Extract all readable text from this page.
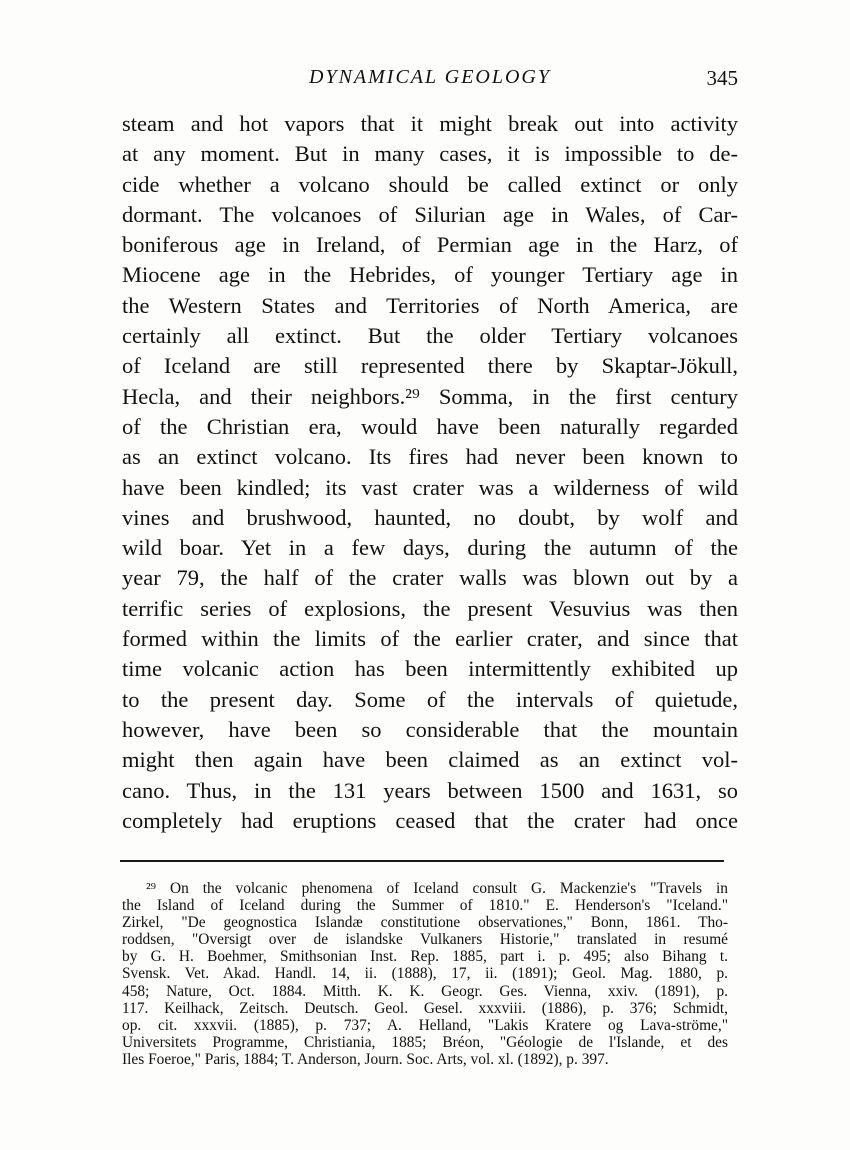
DYNAMICAL GEOLOGY	345
steam and hot vapors that it might break out into activity
at any moment. But in many cases, it is impossible to de-
cide whether a volcano should be called extinct or only
dormant. The volcanoes of Silurian age in Wales, of Car-
boniferous age in Ireland, of Permian age in the Harz, of
Miocene age in the Hebrides, of younger Tertiary age in
the Western States and Territories of North America, are
certainly all extinct. But the older Tertiary volcanoes
of Iceland are still represented there by Skaptar-Jökull,
Hecla, and their neighbors.²⁹ Somma, in the first century
of the Christian era, would have been naturally regarded
as an extinct volcano. Its fires had never been known to
have been kindled; its vast crater was a wilderness of wild
vines and brushwood, haunted, no doubt, by wolf and
wild boar. Yet in a few days, during the autumn of the
year 79, the half of the crater walls was blown out by a
terrific series of explosions, the present Vesuvius was then
formed within the limits of the earlier crater, and since that
time volcanic action has been intermittently exhibited up
to the present day. Some of the intervals of quietude,
however, have been so considerable that the mountain
might then again have been claimed as an extinct vol-
cano. Thus, in the 131 years between 1500 and 1631, so
completely had eruptions ceased that the crater had once
²⁹ On the volcanic phenomena of Iceland consult G. Mackenzie's "Travels in
the Island of Iceland during the Summer of 1810." E. Henderson's "Iceland."
Zirkel, "De geognostica Islandæ constitutione observationes," Bonn, 1861. Tho-
roddsen, "Oversigt over de islandske Vulkaners Historie," translated in resumé
by G. H. Boehmer, Smithsonian Inst. Rep. 1885, part i. p. 495; also Bihang t.
Svensk. Vet. Akad. Handl. 14, ii. (1888), 17, ii. (1891); Geol. Mag. 1880, p.
458; Nature, Oct. 1884. Mitth. K. K. Geogr. Ges. Vienna, xxiv. (1891), p.
117. Keilhack, Zeitsch. Deutsch. Geol. Gesel. xxxviii. (1886), p. 376; Schmidt,
op. cit. xxxvii. (1885), p. 737; A. Helland, "Lakis Kratere og Lava-ströme,"
Universitets Programme, Christiania, 1885; Bréon, "Géologie de l'Islande, et des
Iles Foeroe," Paris, 1884; T. Anderson, Journ. Soc. Arts, vol. xl. (1892), p. 397.
